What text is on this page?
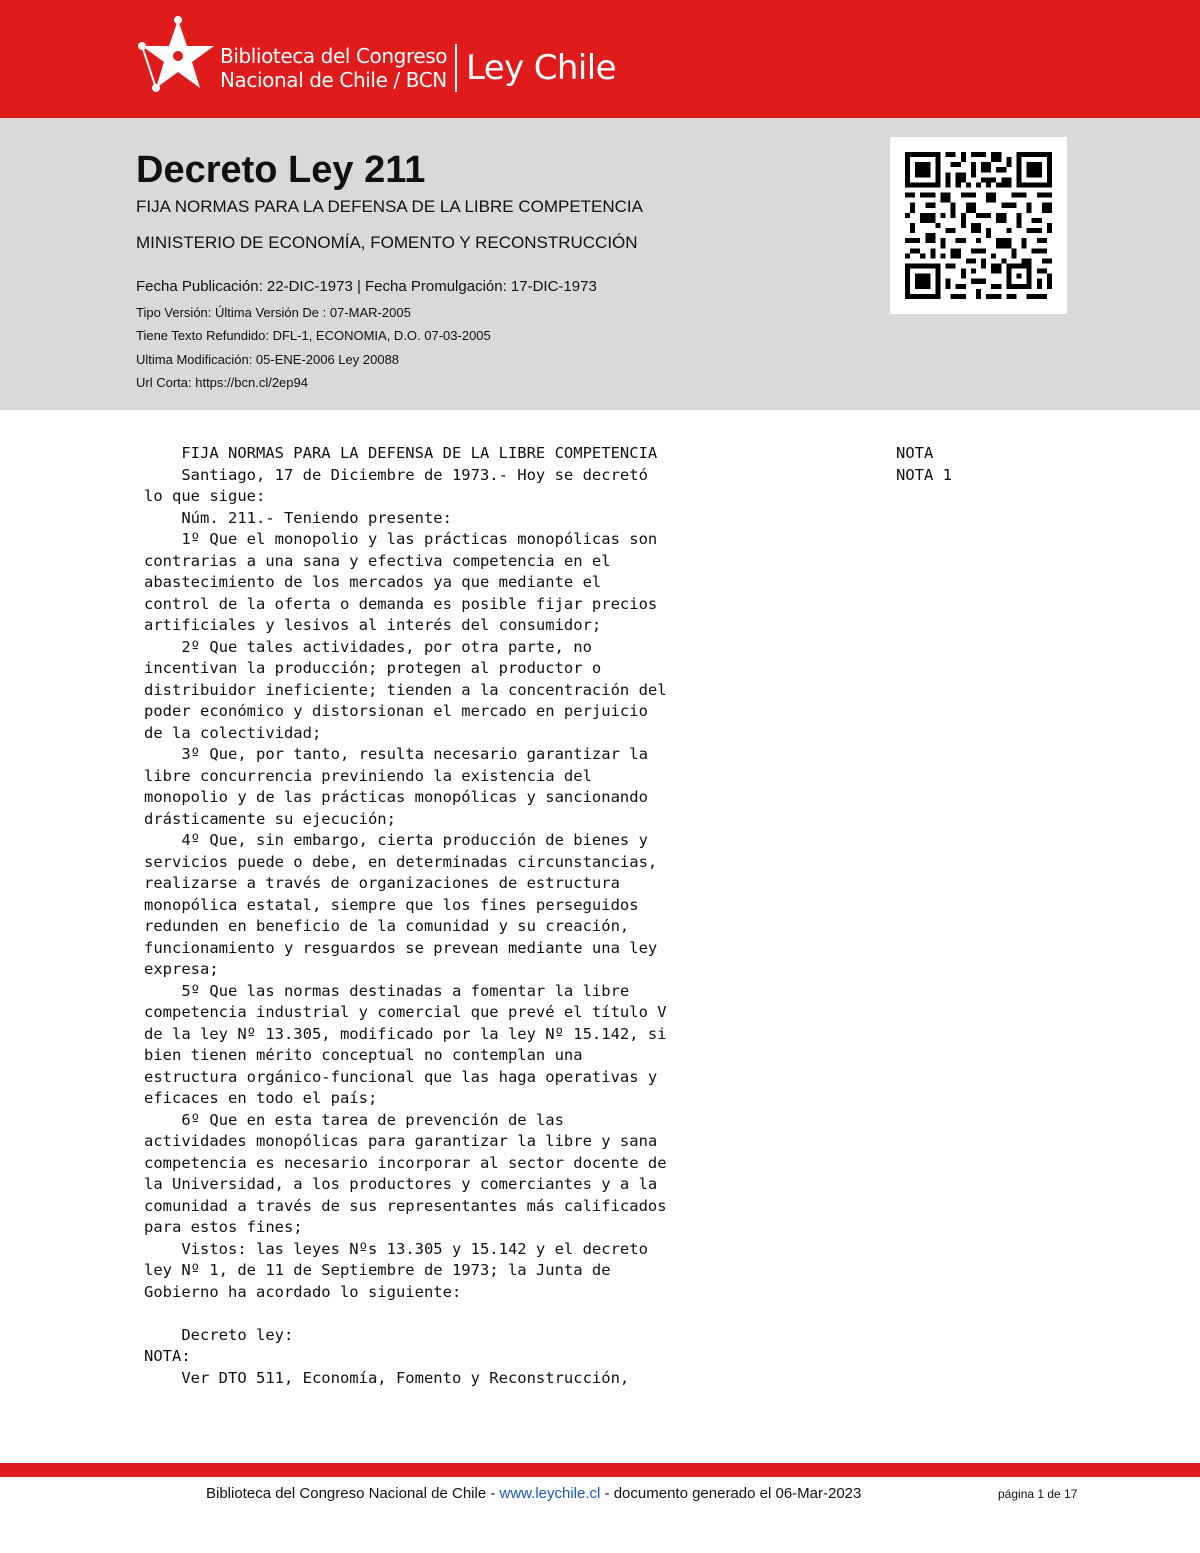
Biblioteca del Congreso
Nacional de Chile / BCN Ley Chile
Decreto Ley 211
FIJA NORMAS PARA LA DEFENSA DE LA LIBRE COMPETENCIA
MINISTERIO DE ECONOMÍA, FOMENTO Y RECONSTRUCCIÓN
Fecha Publicación: 22-DIC-1973 | Fecha Promulgación: 17-DIC-1973
Tipo Versión: Última Versión De : 07-MAR-2005
Tiene Texto Refundido: DFL-1, ECONOMIA, D.O. 07-03-2005
Ultima Modificación: 05-ENE-2006 Ley 20088
Url Corta: https://bcn.cl/2ep94
FIJA NORMAS PARA LA DEFENSA DE LA LIBRE COMPETENCIA
Santiago, 17 de Diciembre de 1973.- Hoy se decretó
lo que sigue:
Núm. 211.- Teniendo presente:
1º Que el monopolio y las prácticas monopólicas son
contrarias a una sana y efectiva competencia en el
abastecimiento de los mercados ya que mediante el
control de la oferta o demanda es posible fijar precios
artificiales y lesivos al interés del consumidor;
2º Que tales actividades, por otra parte, no
incentivan la producción; protegen al productor o
distribuidor ineficiente; tienden a la concentración del
poder económico y distorsionan el mercado en perjuicio
de la colectividad;
3º Que, por tanto, resulta necesario garantizar la
libre concurrencia previniendo la existencia del
monopolio y de las prácticas monopólicas y sancionando
drásticamente su ejecución;
4º Que, sin embargo, cierta producción de bienes y
servicios puede o debe, en determinadas circunstancias,
realizarse a través de organizaciones de estructura
monopólica estatal, siempre que los fines perseguidos
redunden en beneficio de la comunidad y su creación,
funcionamiento y resguardos se prevean mediante una ley
expresa;
5º Que las normas destinadas a fomentar la libre
competencia industrial y comercial que prevé el título V
de la ley Nº 13.305, modificado por la ley Nº 15.142, si
bien tienen mérito conceptual no contemplan una
estructura orgánico-funcional que las haga operativas y
eficaces en todo el país;
6º Que en esta tarea de prevención de las
actividades monopólicas para garantizar la libre y sana
competencia es necesario incorporar al sector docente de
la Universidad, a los productores y comerciantes y a la
comunidad a través de sus representantes más calificados
para estos fines;
Vistos: las leyes Nºs 13.305 y 15.142 y el decreto
ley Nº 1, de 11 de Septiembre de 1973; la Junta de
Gobierno ha acordado lo siguiente:

Decreto ley:
NOTA:
Ver DTO 511, Economía, Fomento y Reconstrucción,
NOTA
NOTA 1
Biblioteca del Congreso Nacional de Chile - www.leychile.cl - documento generado el 06-Mar-2023	página 1 de 17
